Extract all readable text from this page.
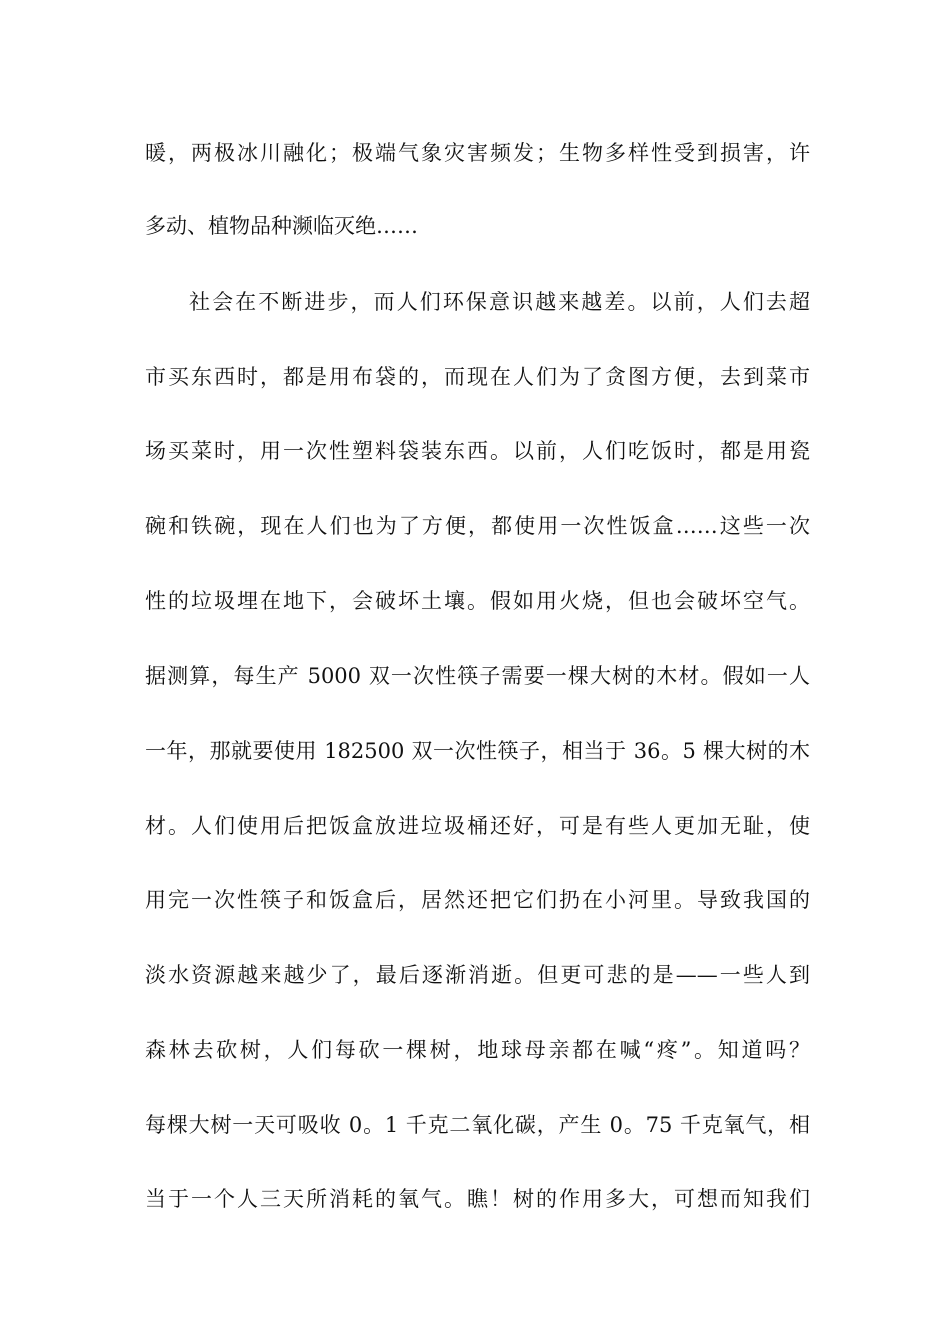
暖，两极冰川融化；极端气象灾害频发；生物多样性受到损害，许
多动、植物品种濒临灭绝……
社会在不断进步，而人们环保意识越来越差。以前，人们去超
市买东西时，都是用布袋的，而现在人们为了贪图方便，去到菜市
场买菜时，用一次性塑料袋装东西。以前，人们吃饭时，都是用瓷
碗和铁碗，现在人们也为了方便，都使用一次性饭盒……这些一次
性的垃圾埋在地下，会破坏土壤。假如用火烧，但也会破坏空气。
据测算，每生产 5000 双一次性筷子需要一棵大树的木材。假如一人
一年，那就要使用 182500 双一次性筷子，相当于 36。5 棵大树的木
材。人们使用后把饭盒放进垃圾桶还好，可是有些人更加无耻，使
用完一次性筷子和饭盒后，居然还把它们扔在小河里。导致我国的
淡水资源越来越少了，最后逐渐消逝。但更可悲的是——一些人到
森林去砍树，人们每砍一棵树，地球母亲都在喊“疼”。知道吗？
每棵大树一天可吸收 0。1 千克二氧化碳，产生 0。75 千克氧气，相
当于一个人三天所消耗的氧气。瞧！树的作用多大，可想而知我们
